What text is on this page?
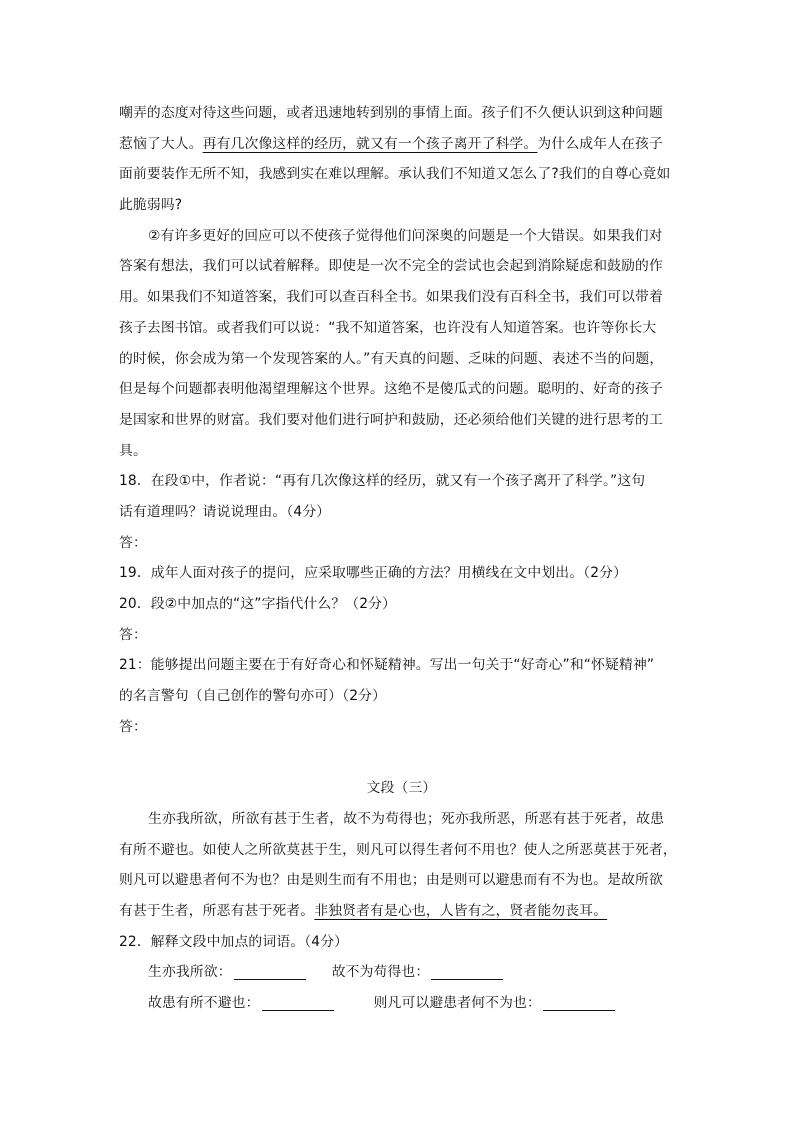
嘲弄的态度对待这些问题，或者迅速地转到别的事情上面。孩子们不久便认识到这种问题
惹恼了大人。再有几次像这样的经历，就又有一个孩子离开了科学。为什么成年人在孩子
面前要装作无所不知，我感到实在难以理解。承认我们不知道又怎么了?我们的自尊心竟如
此脆弱吗?
②有许多更好的回应可以不使孩子觉得他们问深奥的问题是一个大错误。如果我们对
答案有想法，我们可以试着解释。即使是一次不完全的尝试也会起到消除疑虑和鼓励的作
用。如果我们不知道答案，我们可以查百科全书。如果我们没有百科全书，我们可以带着
孩子去图书馆。或者我们可以说：“我不知道答案，也许没有人知道答案。也许等你长大
的时候，你会成为第一个发现答案的人。”有天真的问题、乏味的问题、表述不当的问题，
但是每个问题都表明他渴望理解这个世界。这绝不是傻瓜式的问题。聪明的、好奇的孩子
是国家和世界的财富。我们要对他们进行呵护和鼓励，还必须给他们关键的进行思考的工
具。
18．在段①中，作者说：“再有几次像这样的经历，就又有一个孩子离开了科学。”这句
话有道理吗？请说说理由。（4分）
答：
19．成年人面对孩子的提问，应采取哪些正确的方法？用横线在文中划出。（2分）
20．段②中加点的“这”字指代什么？（2分）
答：
21：能够提出问题主要在于有好奇心和怀疑精神。写出一句关于“好奇心”和“怀疑精神”
的名言警句（自己创作的警句亦可）（2分）
答：
文段（三）
生亦我所欲，所欲有甚于生者，故不为苟得也；死亦我所恶，所恶有甚于死者，故患
有所不避也。如使人之所欲莫甚于生，则凡可以得生者何不用也？使人之所恶莫甚于死者，
则凡可以避患者何不为也？由是则生而有不用也；由是则可以避患而有不为也。是故所欲
有甚于生者，所恶有甚于死者。非独贤者有是心也，人皆有之，贤者能勿丧耳。
22．解释文段中加点的词语。（4分）
生亦我所欲：	故不为苟得也：
故患有所不避也：	则凡可以避患者何不为也：
